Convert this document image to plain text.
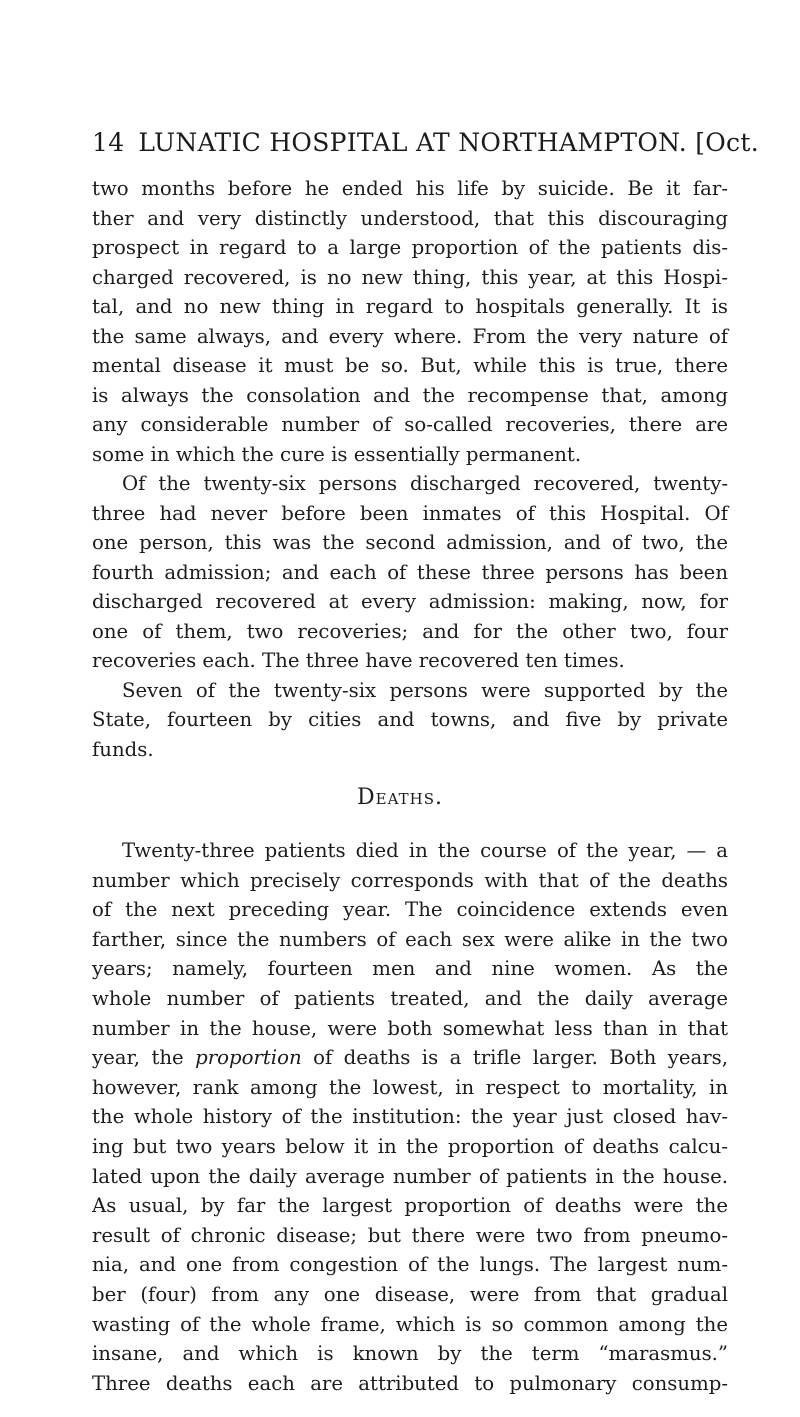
14 LUNATIC HOSPITAL AT NORTHAMPTON. [Oct.
two months before he ended his life by suicide. Be it far-
ther and very distinctly understood, that this discouraging
prospect in regard to a large proportion of the patients dis-
charged recovered, is no new thing, this year, at this Hospi-
tal, and no new thing in regard to hospitals generally. It is
the same always, and every where. From the very nature of
mental disease it must be so. But, while this is true, there
is always the consolation and the recompense that, among
any considerable number of so-called recoveries, there are
some in which the cure is essentially permanent.
Of the twenty-six persons discharged recovered, twenty-
three had never before been inmates of this Hospital. Of
one person, this was the second admission, and of two, the
fourth admission; and each of these three persons has been
discharged recovered at every admission: making, now, for
one of them, two recoveries; and for the other two, four
recoveries each. The three have recovered ten times.
Seven of the twenty-six persons were supported by the
State, fourteen by cities and towns, and five by private
funds.
Deaths.
Twenty-three patients died in the course of the year, — a
number which precisely corresponds with that of the deaths
of the next preceding year. The coincidence extends even
farther, since the numbers of each sex were alike in the two
years; namely, fourteen men and nine women. As the
whole number of patients treated, and the daily average
number in the house, were both somewhat less than in that
year, the proportion of deaths is a trifle larger. Both years,
however, rank among the lowest, in respect to mortality, in
the whole history of the institution: the year just closed hav-
ing but two years below it in the proportion of deaths calcu-
lated upon the daily average number of patients in the house.
As usual, by far the largest proportion of deaths were the
result of chronic disease; but there were two from pneumo-
nia, and one from congestion of the lungs. The largest num-
ber (four) from any one disease, were from that gradual
wasting of the whole frame, which is so common among the
insane, and which is known by the term “marasmus.”
Three deaths each are attributed to pulmonary consump-
